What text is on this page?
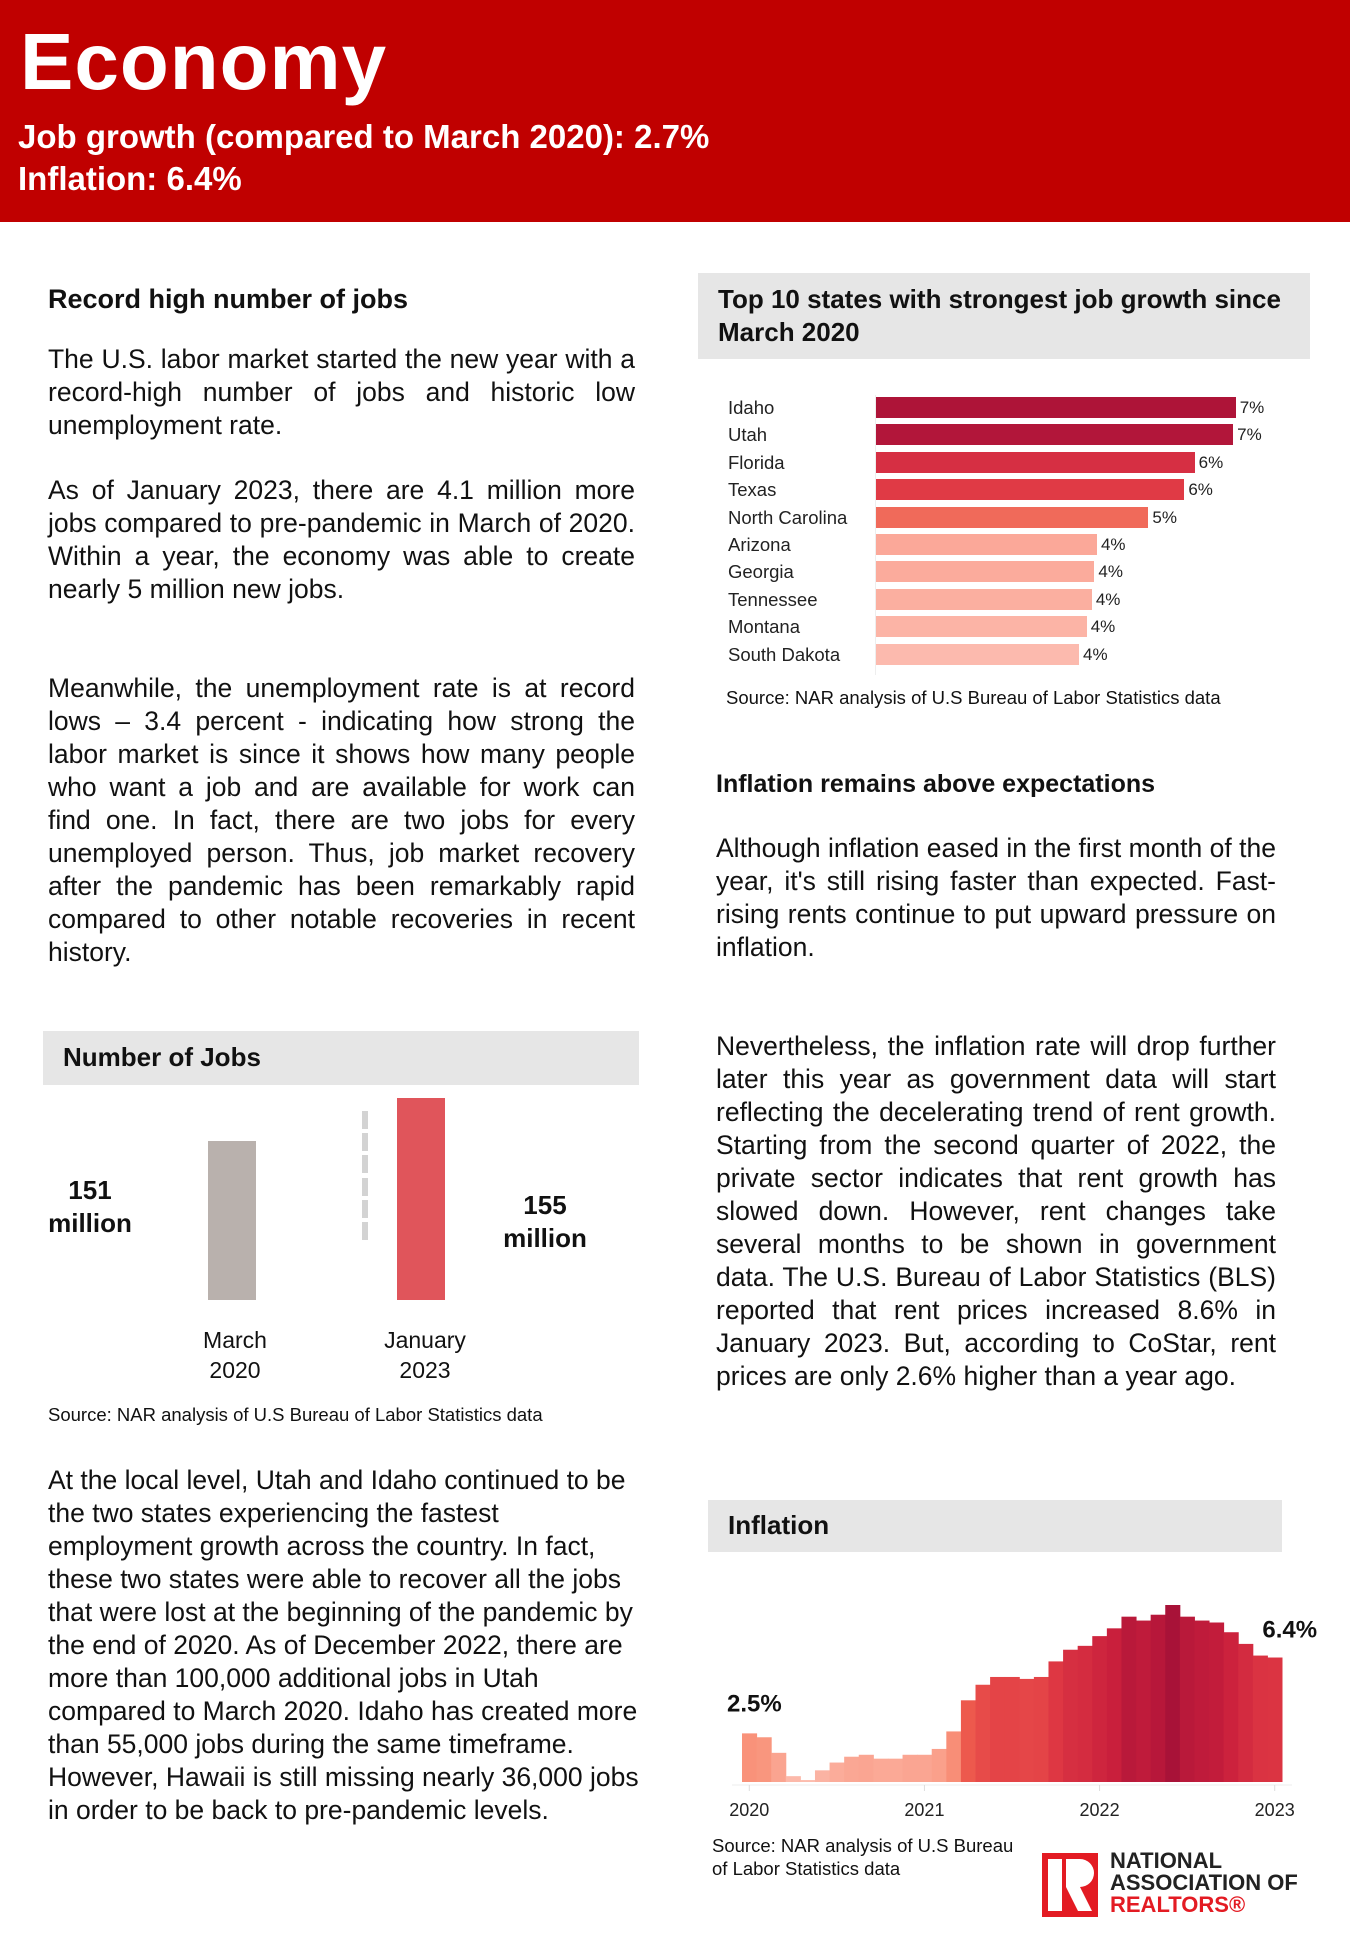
Economy
Job growth (compared to March 2020): 2.7%
Inflation: 6.4%
Record high number of jobs
The U.S. labor market started the new year with a record-high number of jobs and historic low unemployment rate.
As of January 2023, there are 4.1 million more jobs compared to pre-pandemic in March of 2020. Within a year, the economy was able to create nearly 5 million new jobs.
Meanwhile, the unemployment rate is at record lows – 3.4 percent - indicating how strong the labor market is since it shows how many people who want a job and are available for work can find one. In fact, there are two jobs for every unemployed person. Thus, job market recovery after the pandemic has been remarkably rapid compared to other notable recoveries in recent history.
Number of Jobs
151
million
155
million
March
2020
January
2023
Source: NAR analysis of U.S Bureau of Labor Statistics data
At the local level, Utah and Idaho continued to be the two states experiencing the fastest employment growth across the country. In fact, these two states were able to recover all the jobs that were lost at the beginning of the pandemic by the end of 2020. As of December 2022, there are more than 100,000 additional jobs in Utah compared to March 2020. Idaho has created more than 55,000 jobs during the same timeframe. However, Hawaii is still missing nearly 36,000 jobs in order to be back to pre-pandemic levels.
Top 10 states with strongest job growth since March 2020
Idaho	7%
Utah	7%
Florida	6%
Texas	6%
North Carolina	5%
Arizona	4%
Georgia	4%
Tennessee	4%
Montana	4%
South Dakota	4%
Source: NAR analysis of U.S Bureau of Labor Statistics data
Inflation remains above expectations
Although inflation eased in the first month of the year, it's still rising faster than expected. Fast-rising rents continue to put upward pressure on inflation.
Nevertheless, the inflation rate will drop further later this year as government data will start reflecting the decelerating trend of rent growth. Starting from the second quarter of 2022, the private sector indicates that rent growth has slowed down. However, rent changes take several months to be shown in government data. The U.S. Bureau of Labor Statistics (BLS) reported that rent prices increased 8.6% in January 2023. But, according to CoStar, rent prices are only 2.6% higher than a year ago.
Inflation
2020	2021	2022	2023
2.5%
6.4%
Source: NAR analysis of U.S Bureau of Labor Statistics data	NATIONAL
ASSOCIATION OF
REALTORS®
